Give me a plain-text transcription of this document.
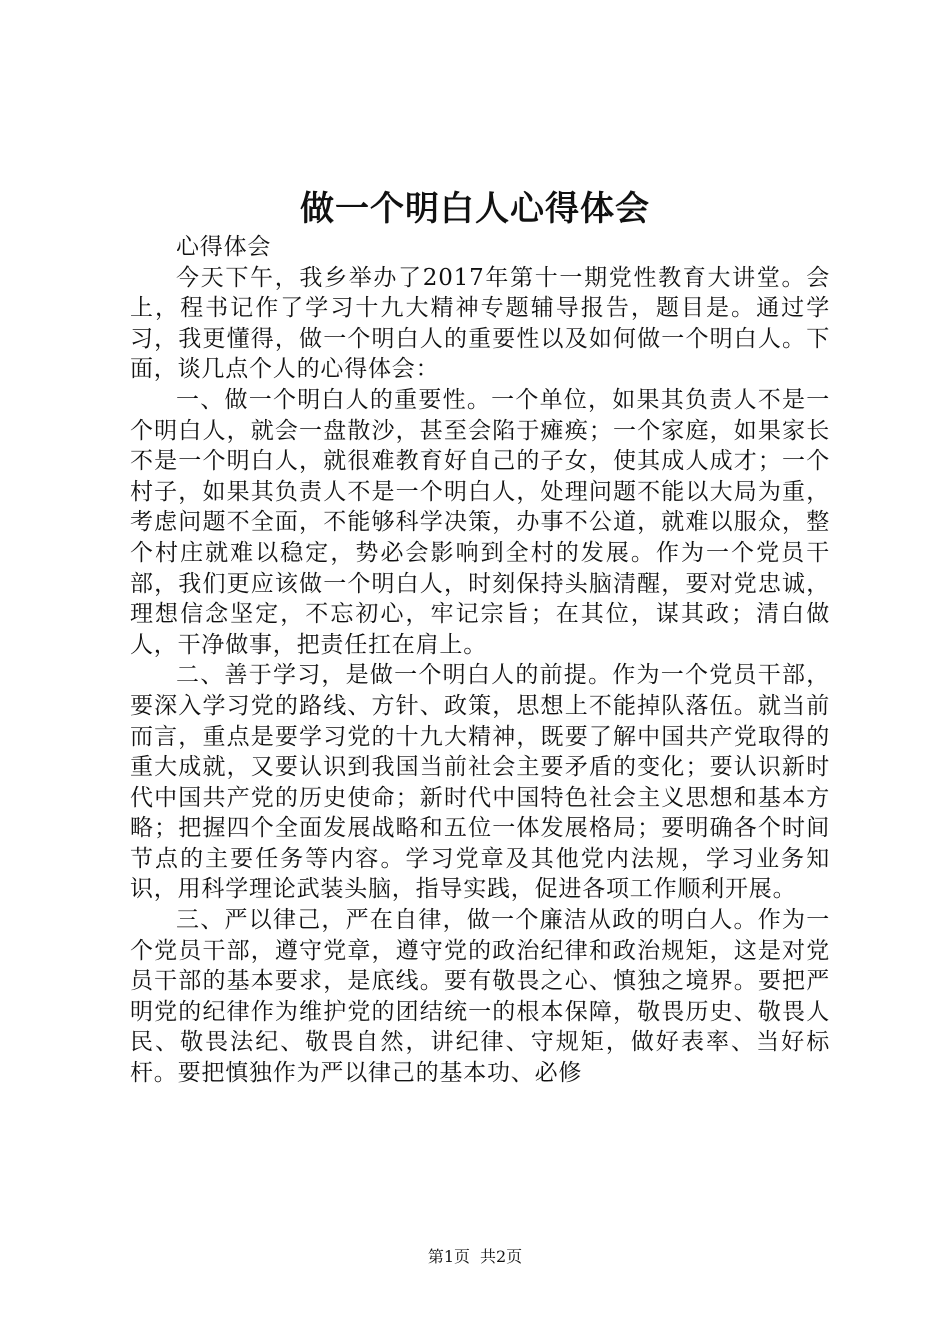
做一个明白人心得体会

心得体会

今天下午，我乡举办了2017年第十一期党性教育大讲堂。会上，程书记作了学习十九大精神专题辅导报告，题目是。通过学习，我更懂得，做一个明白人的重要性以及如何做一个明白人。下面，谈几点个人的心得体会：

一、做一个明白人的重要性。一个单位，如果其负责人不是一个明白人，就会一盘散沙，甚至会陷于瘫痪；一个家庭，如果家长不是一个明白人，就很难教育好自己的子女，使其成人成才；一个村子，如果其负责人不是一个明白人，处理问题不能以大局为重，考虑问题不全面，不能够科学决策，办事不公道，就难以服众，整个村庄就难以稳定，势必会影响到全村的发展。作为一个党员干部，我们更应该做一个明白人，时刻保持头脑清醒，要对党忠诚，理想信念坚定，不忘初心，牢记宗旨；在其位，谋其政；清白做人，干净做事，把责任扛在肩上。

二、善于学习，是做一个明白人的前提。作为一个党员干部，要深入学习党的路线、方针、政策，思想上不能掉队落伍。就当前而言，重点是要学习党的十九大精神，既要了解中国共产党取得的重大成就，又要认识到我国当前社会主要矛盾的变化；要认识新时代中国共产党的历史使命；新时代中国特色社会主义思想和基本方略；把握四个全面发展战略和五位一体发展格局；要明确各个时间节点的主要任务等内容。学习党章及其他党内法规，学习业务知识，用科学理论武装头脑，指导实践，促进各项工作顺利开展。

三、严以律己，严在自律，做一个廉洁从政的明白人。作为一个党员干部，遵守党章，遵守党的政治纪律和政治规矩，这是对党员干部的基本要求，是底线。要有敬畏之心、慎独之境界。要把严明党的纪律作为维护党的团结统一的根本保障，敬畏历史、敬畏人民、敬畏法纪、敬畏自然，讲纪律、守规矩，做好表率、当好标杆。要把慎独作为严以律己的基本功、必修

第1页 共2页
